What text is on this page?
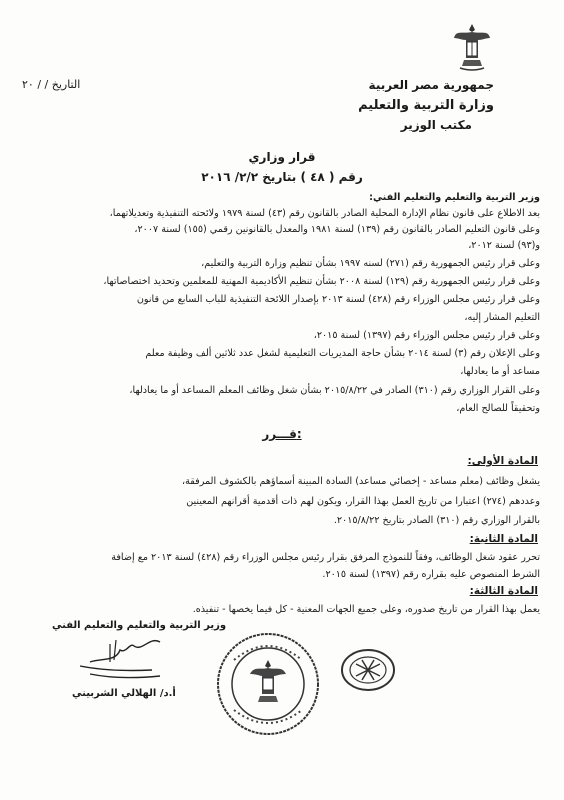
جمهورية مصر العربية
وزارة التربية والتعليم
مكتب الوزير
التاريخ / / ٢٠
قرار وزاري
رقم ( ٤٨ ) بتاريخ ٢/٢/ ٢٠١٦
وزير التربية والتعليم والتعليم الفني:
بعد الاطلاع على قانون نظام الإدارة المحلية الصادر بالقانون رقم (٤٣) لسنة ١٩٧٩ ولائحته التنفيذية وتعديلاتهما،
وعلى قانون التعليم الصادر بالقانون رقم (١٣٩) لسنة ١٩٨١ والمعدل بالقانونين رقمي (١٥٥) لسنة ٢٠٠٧،
و(٩٣) لسنة ٢٠١٢،
وعلى قرار رئيس الجمهورية رقم (٢٧١) لسنه ١٩٩٧ بشأن تنظيم وزارة التربية والتعليم،
وعلى قرار رئيس الجمهورية رقم (١٢٩) لسنة ٢٠٠٨ بشأن تنظيم الأكاديمية المهنية للمعلمين وتحديد اختصاصاتها،
وعلى قرار رئيس مجلس الوزراء رقم (٤٢٨) لسنة ٢٠١٣ بإصدار اللائحة التنفيذية للباب السابع من قانون
التعليم المشار إليه،
وعلى قرار رئيس مجلس الوزراء رقم (١٣٩٧) لسنة ٢٠١٥،
وعلى الإعلان رقم (٣) لسنة ٢٠١٤ بشأن حاجة المديريات التعليمية لشغل عدد ثلاثين ألف وظيفة معلم
مساعد أو ما يعادلها،
وعلى القرار الوزاري رقم (٣١٠) الصادر في ٢٠١٥/٨/٢٢ بشأن شغل وظائف المعلم المساعد أو ما يعادلها،
وتحقيقاً للصالح العام،
قـــرر:
المادة الأولى:
يشغل وظائف (معلم مساعد - إخصائي مساعد) السادة المبينة أسماؤهم بالكشوف المرفقة،
وعددهم (٢٧٤) اعتبارا من تاريخ العمل بهذا القرار، ويكون لهم ذات أقدمية أقرانهم المعينين
بالقرار الوزاري رقم (٣١٠) الصادر بتاريخ ٢٠١٥/٨/٢٢.
المادة الثانية:
تحرر عقود شغل الوظائف، وفقاً للنموذج المرفق بقرار رئيس مجلس الوزراء رقم (٤٢٨) لسنة ٢٠١٣ مع إضافة
الشرط المنصوص عليه بقراره رقم (١٣٩٧) لسنة ٢٠١٥.
المادة الثالثة:
يعمل بهذا القرار من تاريخ صدوره، وعلى جميع الجهات المعنية - كل فيما يخصها - تنفيذه.
وزير التربية والتعليم والتعليم الفني
أ.د/ الهلالي الشربيني
